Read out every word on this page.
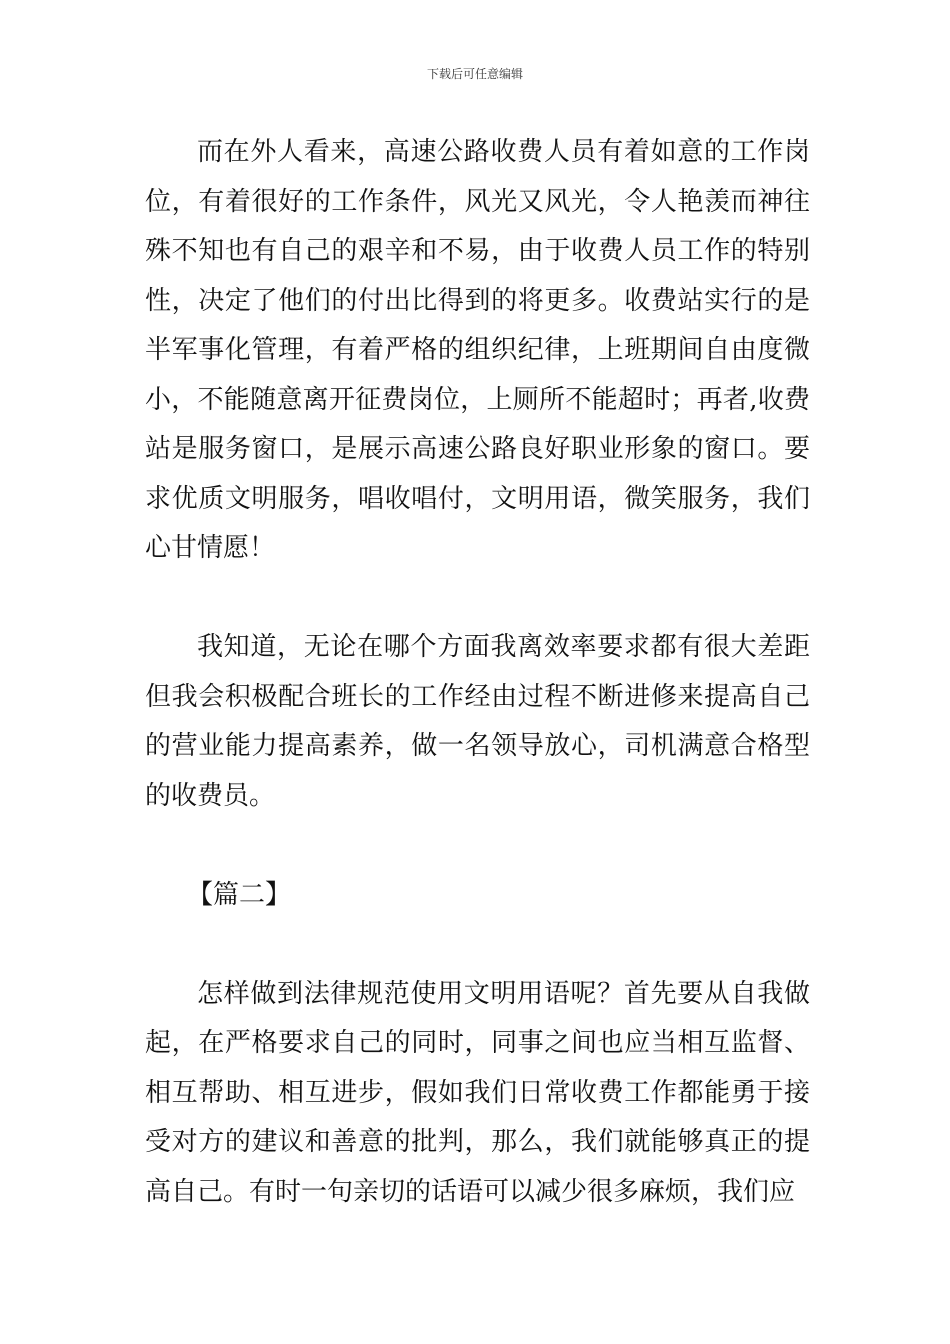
下载后可任意编辑

而在外人看来，高速公路收费人员有着如意的工作岗位，有着很好的工作条件，风光又风光，令人艳羡而神往殊不知也有自己的艰辛和不易，由于收费人员工作的特别性，决定了他们的付出比得到的将更多。收费站实行的是半军事化管理，有着严格的组织纪律，上班期间自由度微小，不能随意离开征费岗位，上厕所不能超时；再者,收费站是服务窗口，是展示高速公路良好职业形象的窗口。要求优质文明服务，唱收唱付，文明用语，微笑服务，我们心甘情愿！

我知道，无论在哪个方面我离效率要求都有很大差距但我会积极配合班长的工作经由过程不断进修来提高自己的营业能力提高素养，做一名领导放心，司机满意合格型的收费员。

【篇二】

怎样做到法律规范使用文明用语呢？首先要从自我做起，在严格要求自己的同时，同事之间也应当相互监督、相互帮助、相互进步，假如我们日常收费工作都能勇于接受对方的建议和善意的批判，那么，我们就能够真正的提高自己。有时一句亲切的话语可以减少很多麻烦，我们应
